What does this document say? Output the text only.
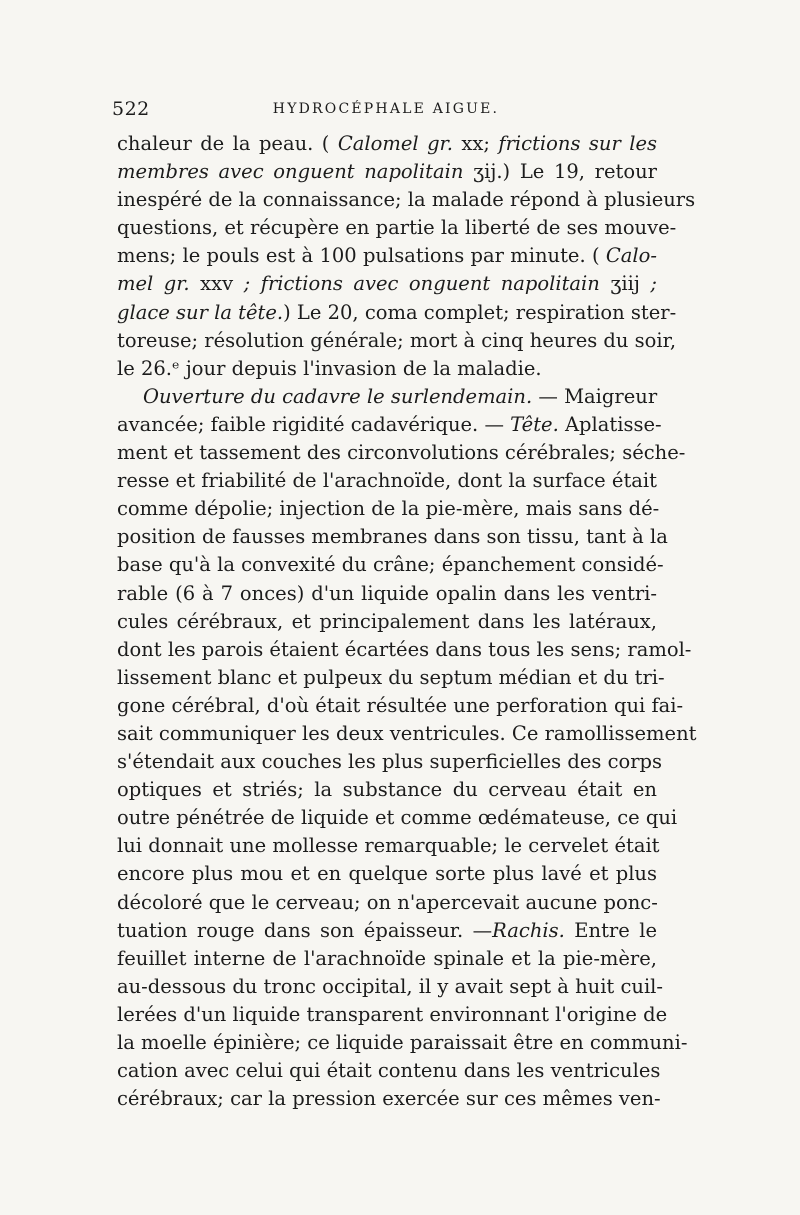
522	HYDROCÉPHALE AIGUE.
chaleur de la peau. ( Calomel gr. xx; frictions sur les
membres avec onguent napolitain ʒij.) Le 19, retour
inespéré de la connaissance; la malade répond à plusieurs
questions, et récupère en partie la liberté de ses mouve-
mens; le pouls est à 100 pulsations par minute. ( Calo-
mel gr. xxv ; frictions avec onguent napolitain ʒiij ;
glace sur la tête.) Le 20, coma complet; respiration ster-
toreuse; résolution générale; mort à cinq heures du soir,
le 26.ᵉ jour depuis l'invasion de la maladie.
Ouverture du cadavre le surlendemain. — Maigreur
avancée; faible rigidité cadavérique. — Tête. Aplatisse-
ment et tassement des circonvolutions cérébrales; séche-
resse et friabilité de l'arachnoïde, dont la surface était
comme dépolie; injection de la pie-mère, mais sans dé-
position de fausses membranes dans son tissu, tant à la
base qu'à la convexité du crâne; épanchement considé-
rable (6 à 7 onces) d'un liquide opalin dans les ventri-
cules cérébraux, et principalement dans les latéraux,
dont les parois étaient écartées dans tous les sens; ramol-
lissement blanc et pulpeux du septum médian et du tri-
gone cérébral, d'où était résultée une perforation qui fai-
sait communiquer les deux ventricules. Ce ramollissement
s'étendait aux couches les plus superficielles des corps
optiques et striés; la substance du cerveau était en
outre pénétrée de liquide et comme œdémateuse, ce qui
lui donnait une mollesse remarquable; le cervelet était
encore plus mou et en quelque sorte plus lavé et plus
décoloré que le cerveau; on n'apercevait aucune ponc-
tuation rouge dans son épaisseur. —Rachis. Entre le
feuillet interne de l'arachnoïde spinale et la pie-mère,
au-dessous du tronc occipital, il y avait sept à huit cuil-
lerées d'un liquide transparent environnant l'origine de
la moelle épinière; ce liquide paraissait être en communi-
cation avec celui qui était contenu dans les ventricules
cérébraux; car la pression exercée sur ces mêmes ven-
